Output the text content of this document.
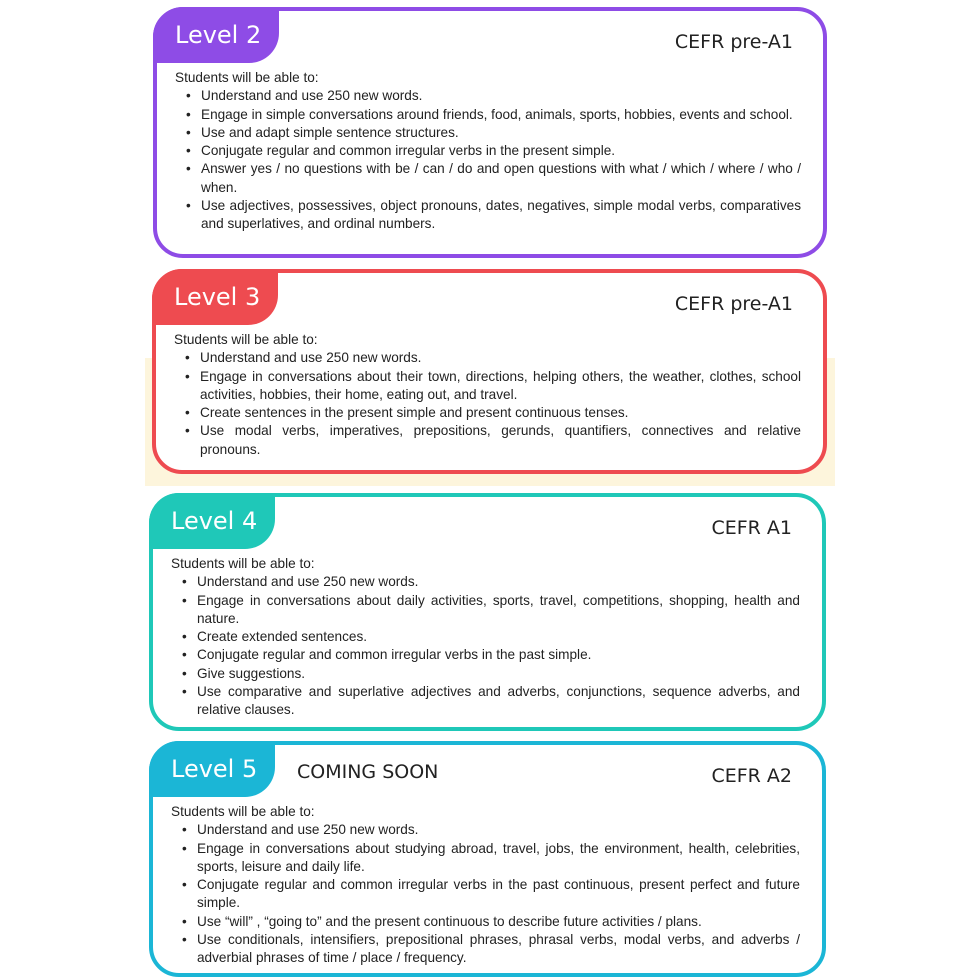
Level 2	CEFR pre-A1

Students will be able to:

• Understand and use 250 new words.
• Engage in simple conversations around friends, food, animals, sports, hobbies, events and school.
• Use and adapt simple sentence structures.
• Conjugate regular and common irregular verbs in the present simple.
• Answer yes / no questions with be / can / do and open questions with what / which / where / who / when.
• Use adjectives, possessives, object pronouns, dates, negatives, simple modal verbs, comparatives and superlatives, and ordinal numbers.
Level 3	CEFR pre-A1

Students will be able to:

• Understand and use 250 new words.
• Engage in conversations about their town, directions, helping others, the weather, clothes, school activities, hobbies, their home, eating out, and travel.
• Create sentences in the present simple and present continuous tenses.
• Use modal verbs, imperatives, prepositions, gerunds, quantifiers, connectives and relative pronouns.
Level 4	CEFR A1

Students will be able to:

• Understand and use 250 new words.
• Engage in conversations about daily activities, sports, travel, competitions, shopping, health and nature.
• Create extended sentences.
• Conjugate regular and common irregular verbs in the past simple.
• Give suggestions.
• Use comparative and superlative adjectives and adverbs, conjunctions, sequence adverbs, and relative clauses.
Level 5	COMING SOON	CEFR A2

Students will be able to:

• Understand and use 250 new words.
• Engage in conversations about studying abroad, travel, jobs, the environment, health, celebrities, sports, leisure and daily life.
• Conjugate regular and common irregular verbs in the past continuous, present perfect and future simple.
• Use “will” , “going to” and the present continuous to describe future activities / plans.
• Use conditionals, intensifiers, prepositional phrases, phrasal verbs, modal verbs, and adverbs / adverbial phrases of time / place / frequency.
